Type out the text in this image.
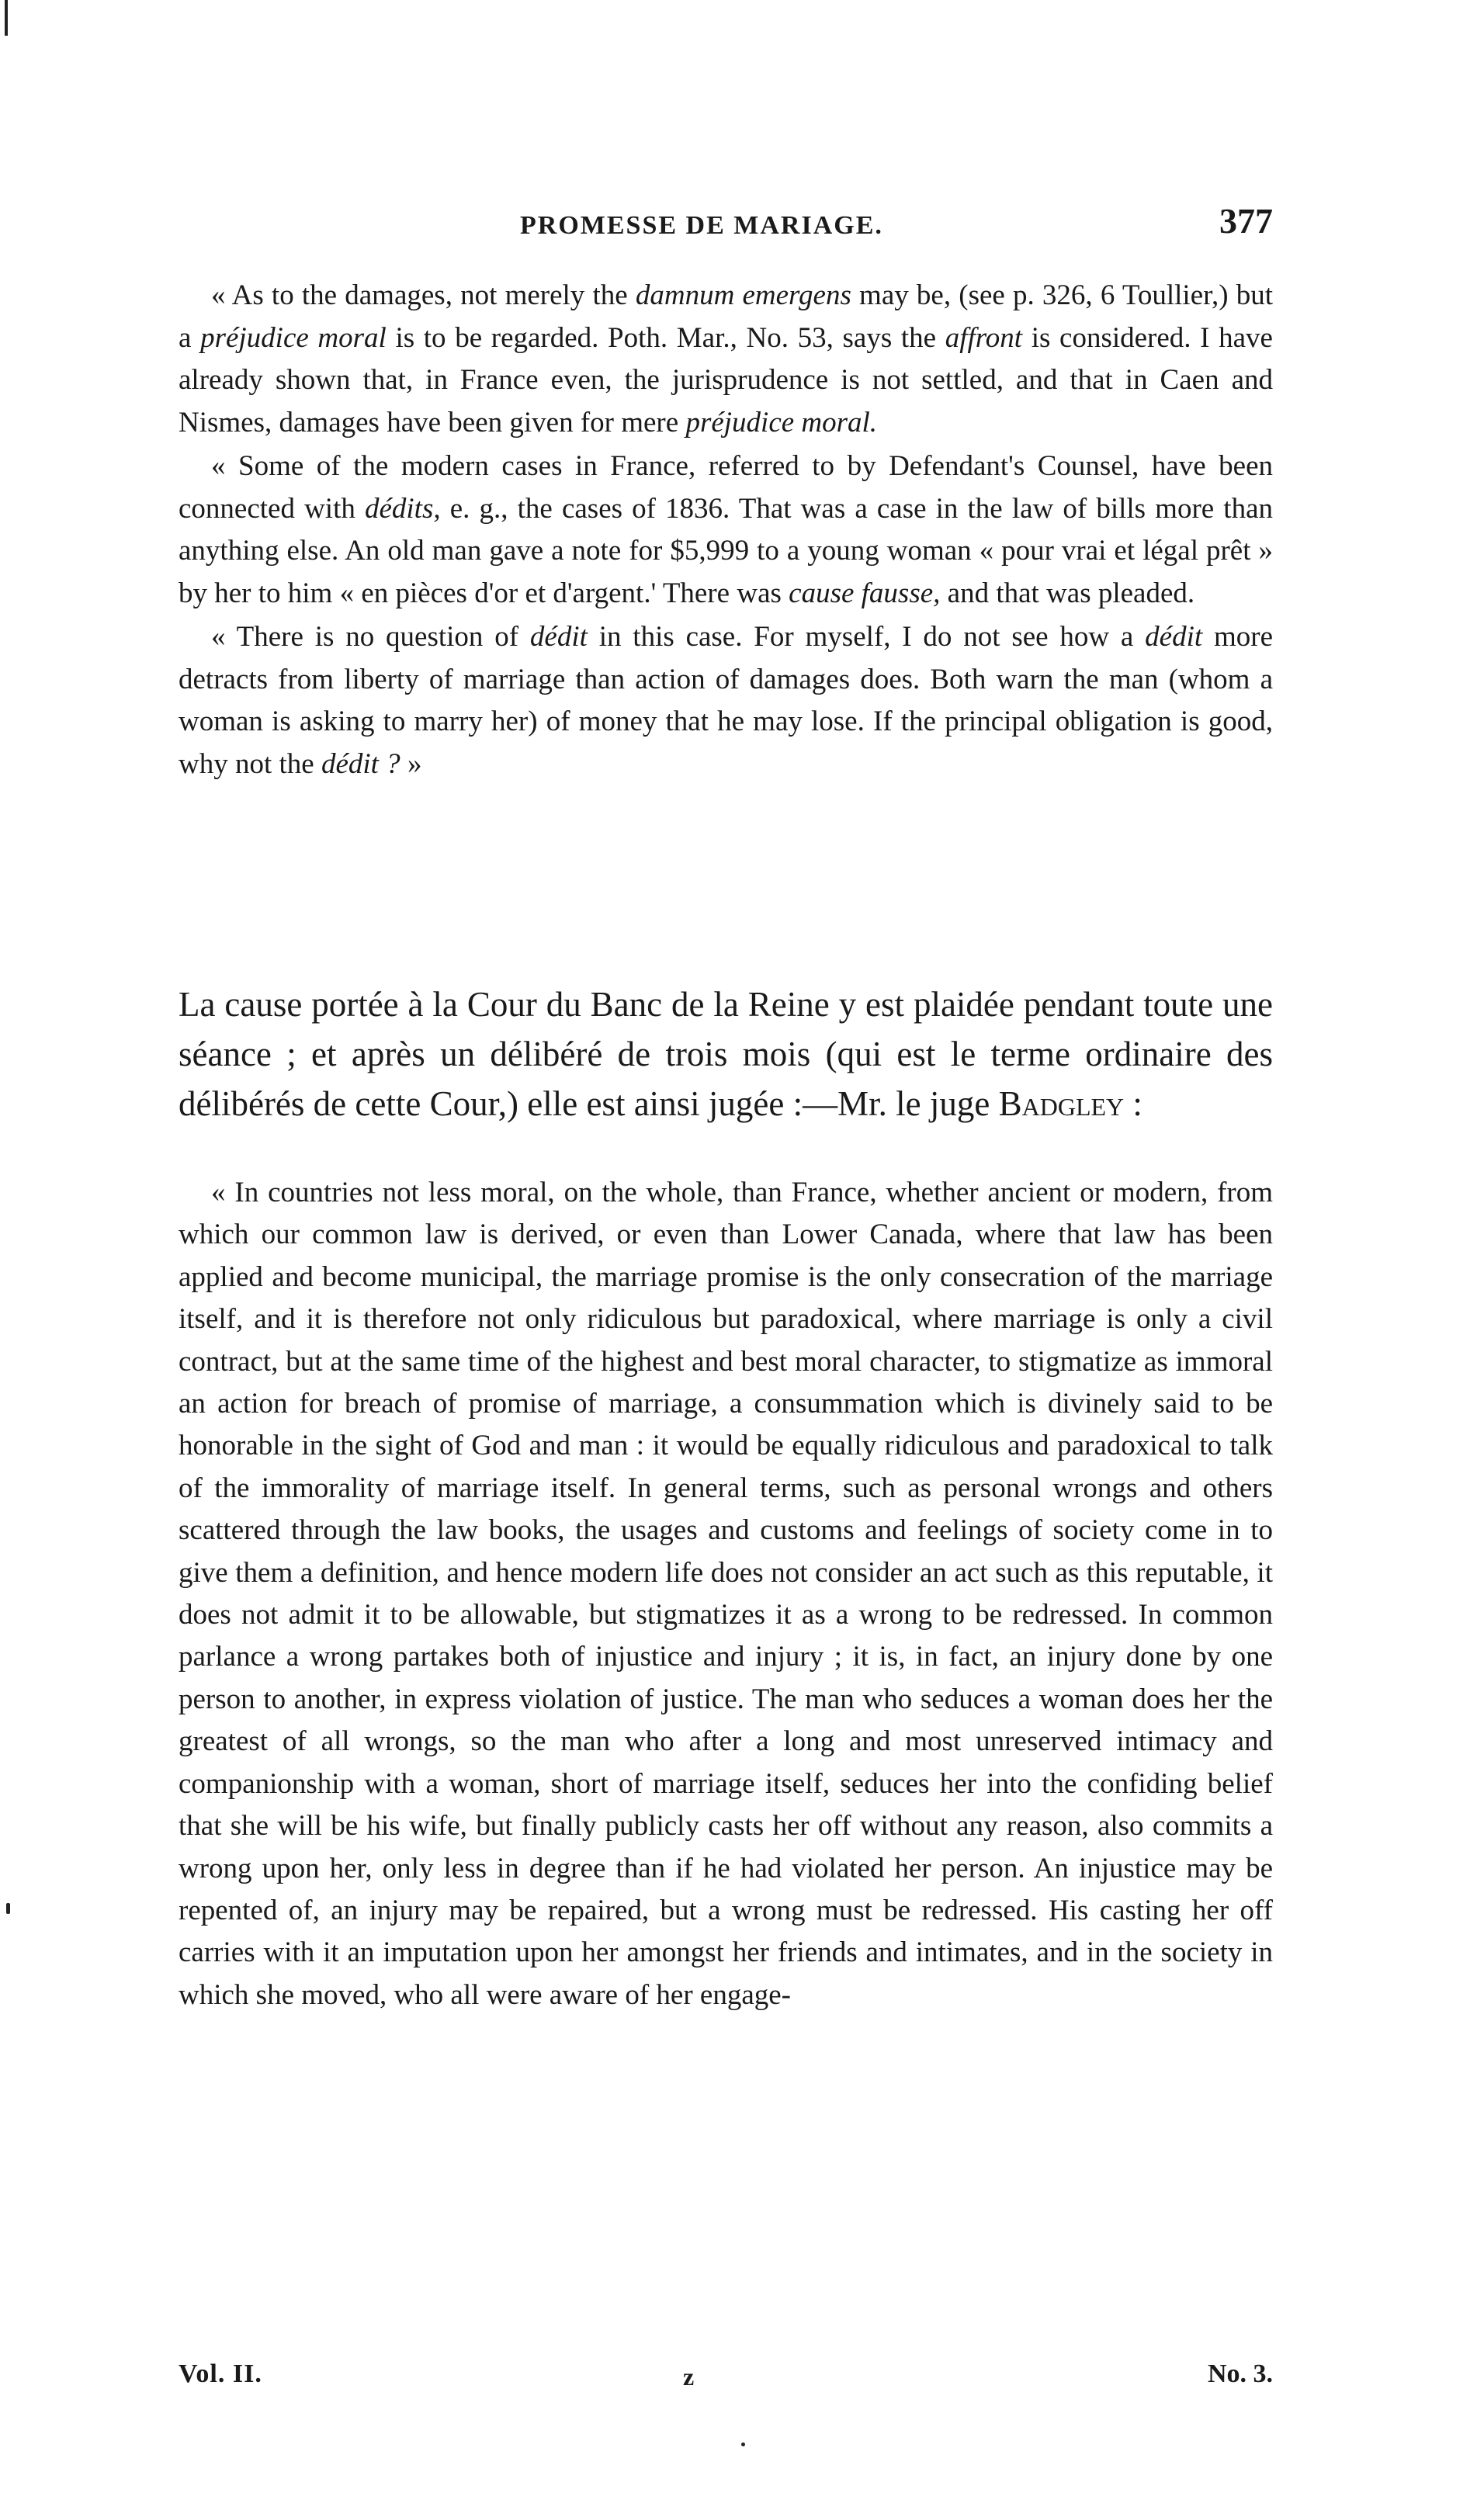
PROMESSE DE MARIAGE.	377

« As to the damages, not merely the damnum emergens may be, (see p. 326, 6 Toullier,) but a préjudice moral is to be regarded. Poth. Mar., No. 53, says the affront is considered. I have already shown that, in France even, the jurisprudence is not settled, and that in Caen and Nismes, damages have been given for mere préjudice moral.

« Some of the modern cases in France, referred to by Defendant's Counsel, have been connected with dédits, e. g., the cases of 1836. That was a case in the law of bills more than anything else. An old man gave a note for $5,999 to a young woman « pour vrai et légal prêt » by her to him « en pièces d'or et d'argent.' There was cause fausse, and that was pleaded.

« There is no question of dédit in this case. For myself, I do not see how a dédit more detracts from liberty of marriage than action of damages does. Both warn the man (whom a woman is asking to marry her) of money that he may lose. If the principal obligation is good, why not the dédit ? »

La cause portée à la Cour du Banc de la Reine y est plaidée pendant toute une séance ; et après un délibéré de trois mois (qui est le terme ordinaire des délibérés de cette Cour,) elle est ainsi jugée :—Mr. le juge Badgley :

« In countries not less moral, on the whole, than France, whether ancient or modern, from which our common law is derived, or even than Lower Canada, where that law has been applied and become municipal, the marriage promise is the only consecration of the marriage itself, and it is therefore not only ridiculous but paradoxical, where marriage is only a civil contract, but at the same time of the highest and best moral character, to stigmatize as immoral an action for breach of promise of marriage, a consummation which is divinely said to be honorable in the sight of God and man : it would be equally ridiculous and paradoxical to talk of the immorality of marriage itself. In general terms, such as personal wrongs and others scattered through the law books, the usages and customs and feelings of society come in to give them a definition, and hence modern life does not consider an act such as this reputable, it does not admit it to be allowable, but stigmatizes it as a wrong to be redressed. In common parlance a wrong partakes both of injustice and injury ; it is, in fact, an injury done by one person to another, in express violation of justice. The man who seduces a woman does her the greatest of all wrongs, so the man who after a long and most unreserved intimacy and companionship with a woman, short of marriage itself, seduces her into the confiding belief that she will be his wife, but finally publicly casts her off without any reason, also commits a wrong upon her, only less in degree than if he had violated her person. An injustice may be repented of, an injury may be repaired, but a wrong must be redressed. His casting her off carries with it an imputation upon her amongst her friends and intimates, and in the society in which she moved, who all were aware of her engage-

Vol. II.	z	No. 3.
